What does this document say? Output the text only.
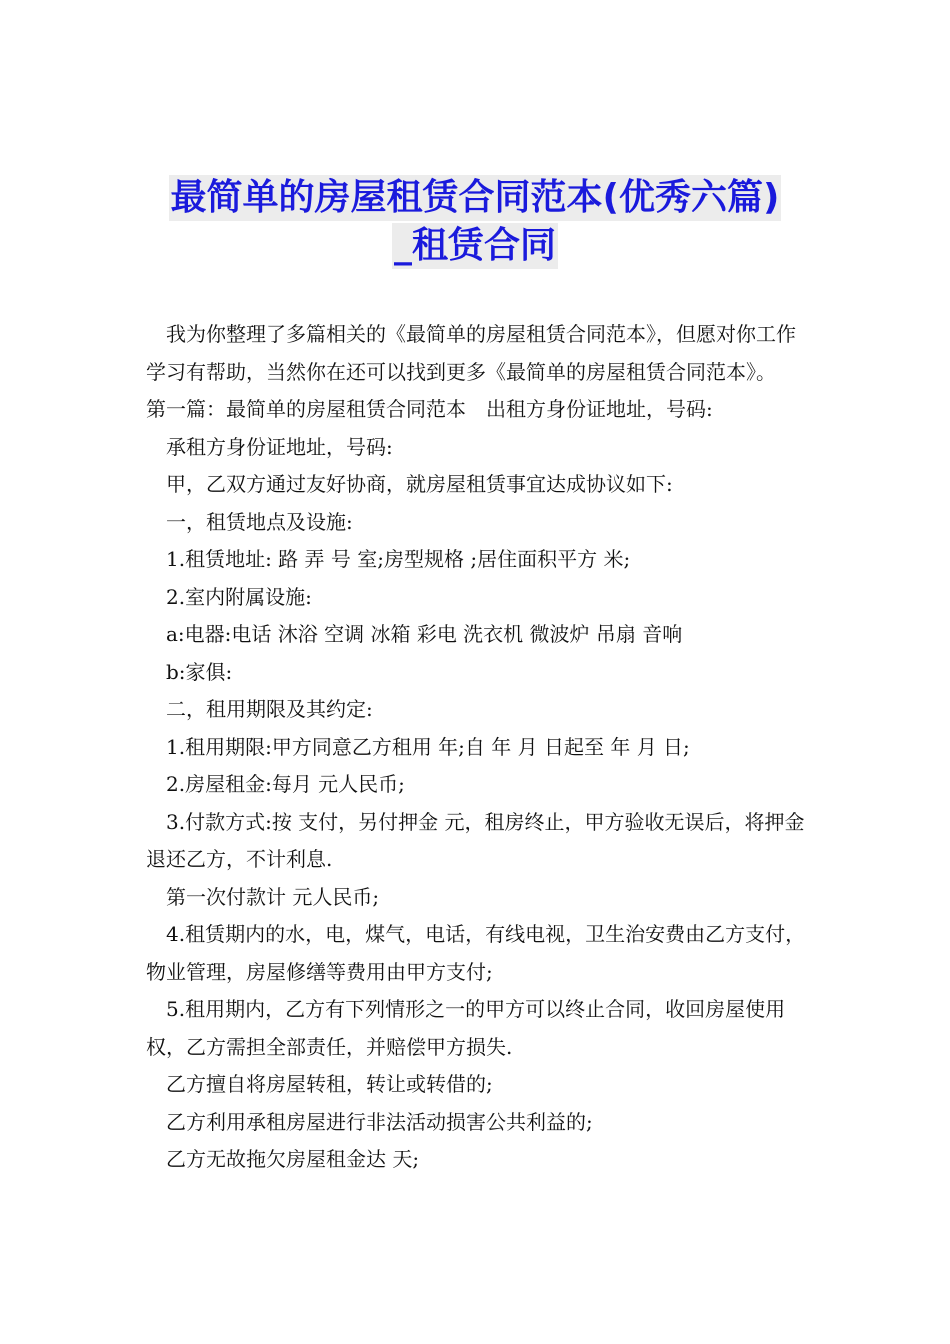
最简单的房屋租赁合同范本(优秀六篇)
_租赁合同

我为你整理了多篇相关的《最简单的房屋租赁合同范本》，但愿对你工作学习有帮助，当然你在还可以找到更多《最简单的房屋租赁合同范本》。

第一篇：最简单的房屋租赁合同范本　出租方身份证地址，号码:

承租方身份证地址，号码:

甲，乙双方通过友好协商，就房屋租赁事宜达成协议如下:

一，租赁地点及设施:

1.租赁地址: 路 弄 号 室;房型规格 ;居住面积平方 米;

2.室内附属设施:

a:电器:电话 沐浴 空调 冰箱 彩电 洗衣机 微波炉 吊扇 音响

b:家俱:

二，租用期限及其约定:

1.租用期限:甲方同意乙方租用 年;自 年 月 日起至 年 月 日;

2.房屋租金:每月 元人民币;

3.付款方式:按 支付，另付押金 元，租房终止，甲方验收无误后，将押金退还乙方，不计利息.

第一次付款计 元人民币;

4.租赁期内的水，电，煤气，电话，有线电视，卫生治安费由乙方支付，物业管理，房屋修缮等费用由甲方支付;

5.租用期内，乙方有下列情形之一的甲方可以终止合同，收回房屋使用权，乙方需担全部责任，并赔偿甲方损失.

乙方擅自将房屋转租，转让或转借的;

乙方利用承租房屋进行非法活动损害公共利益的;

乙方无故拖欠房屋租金达 天;
